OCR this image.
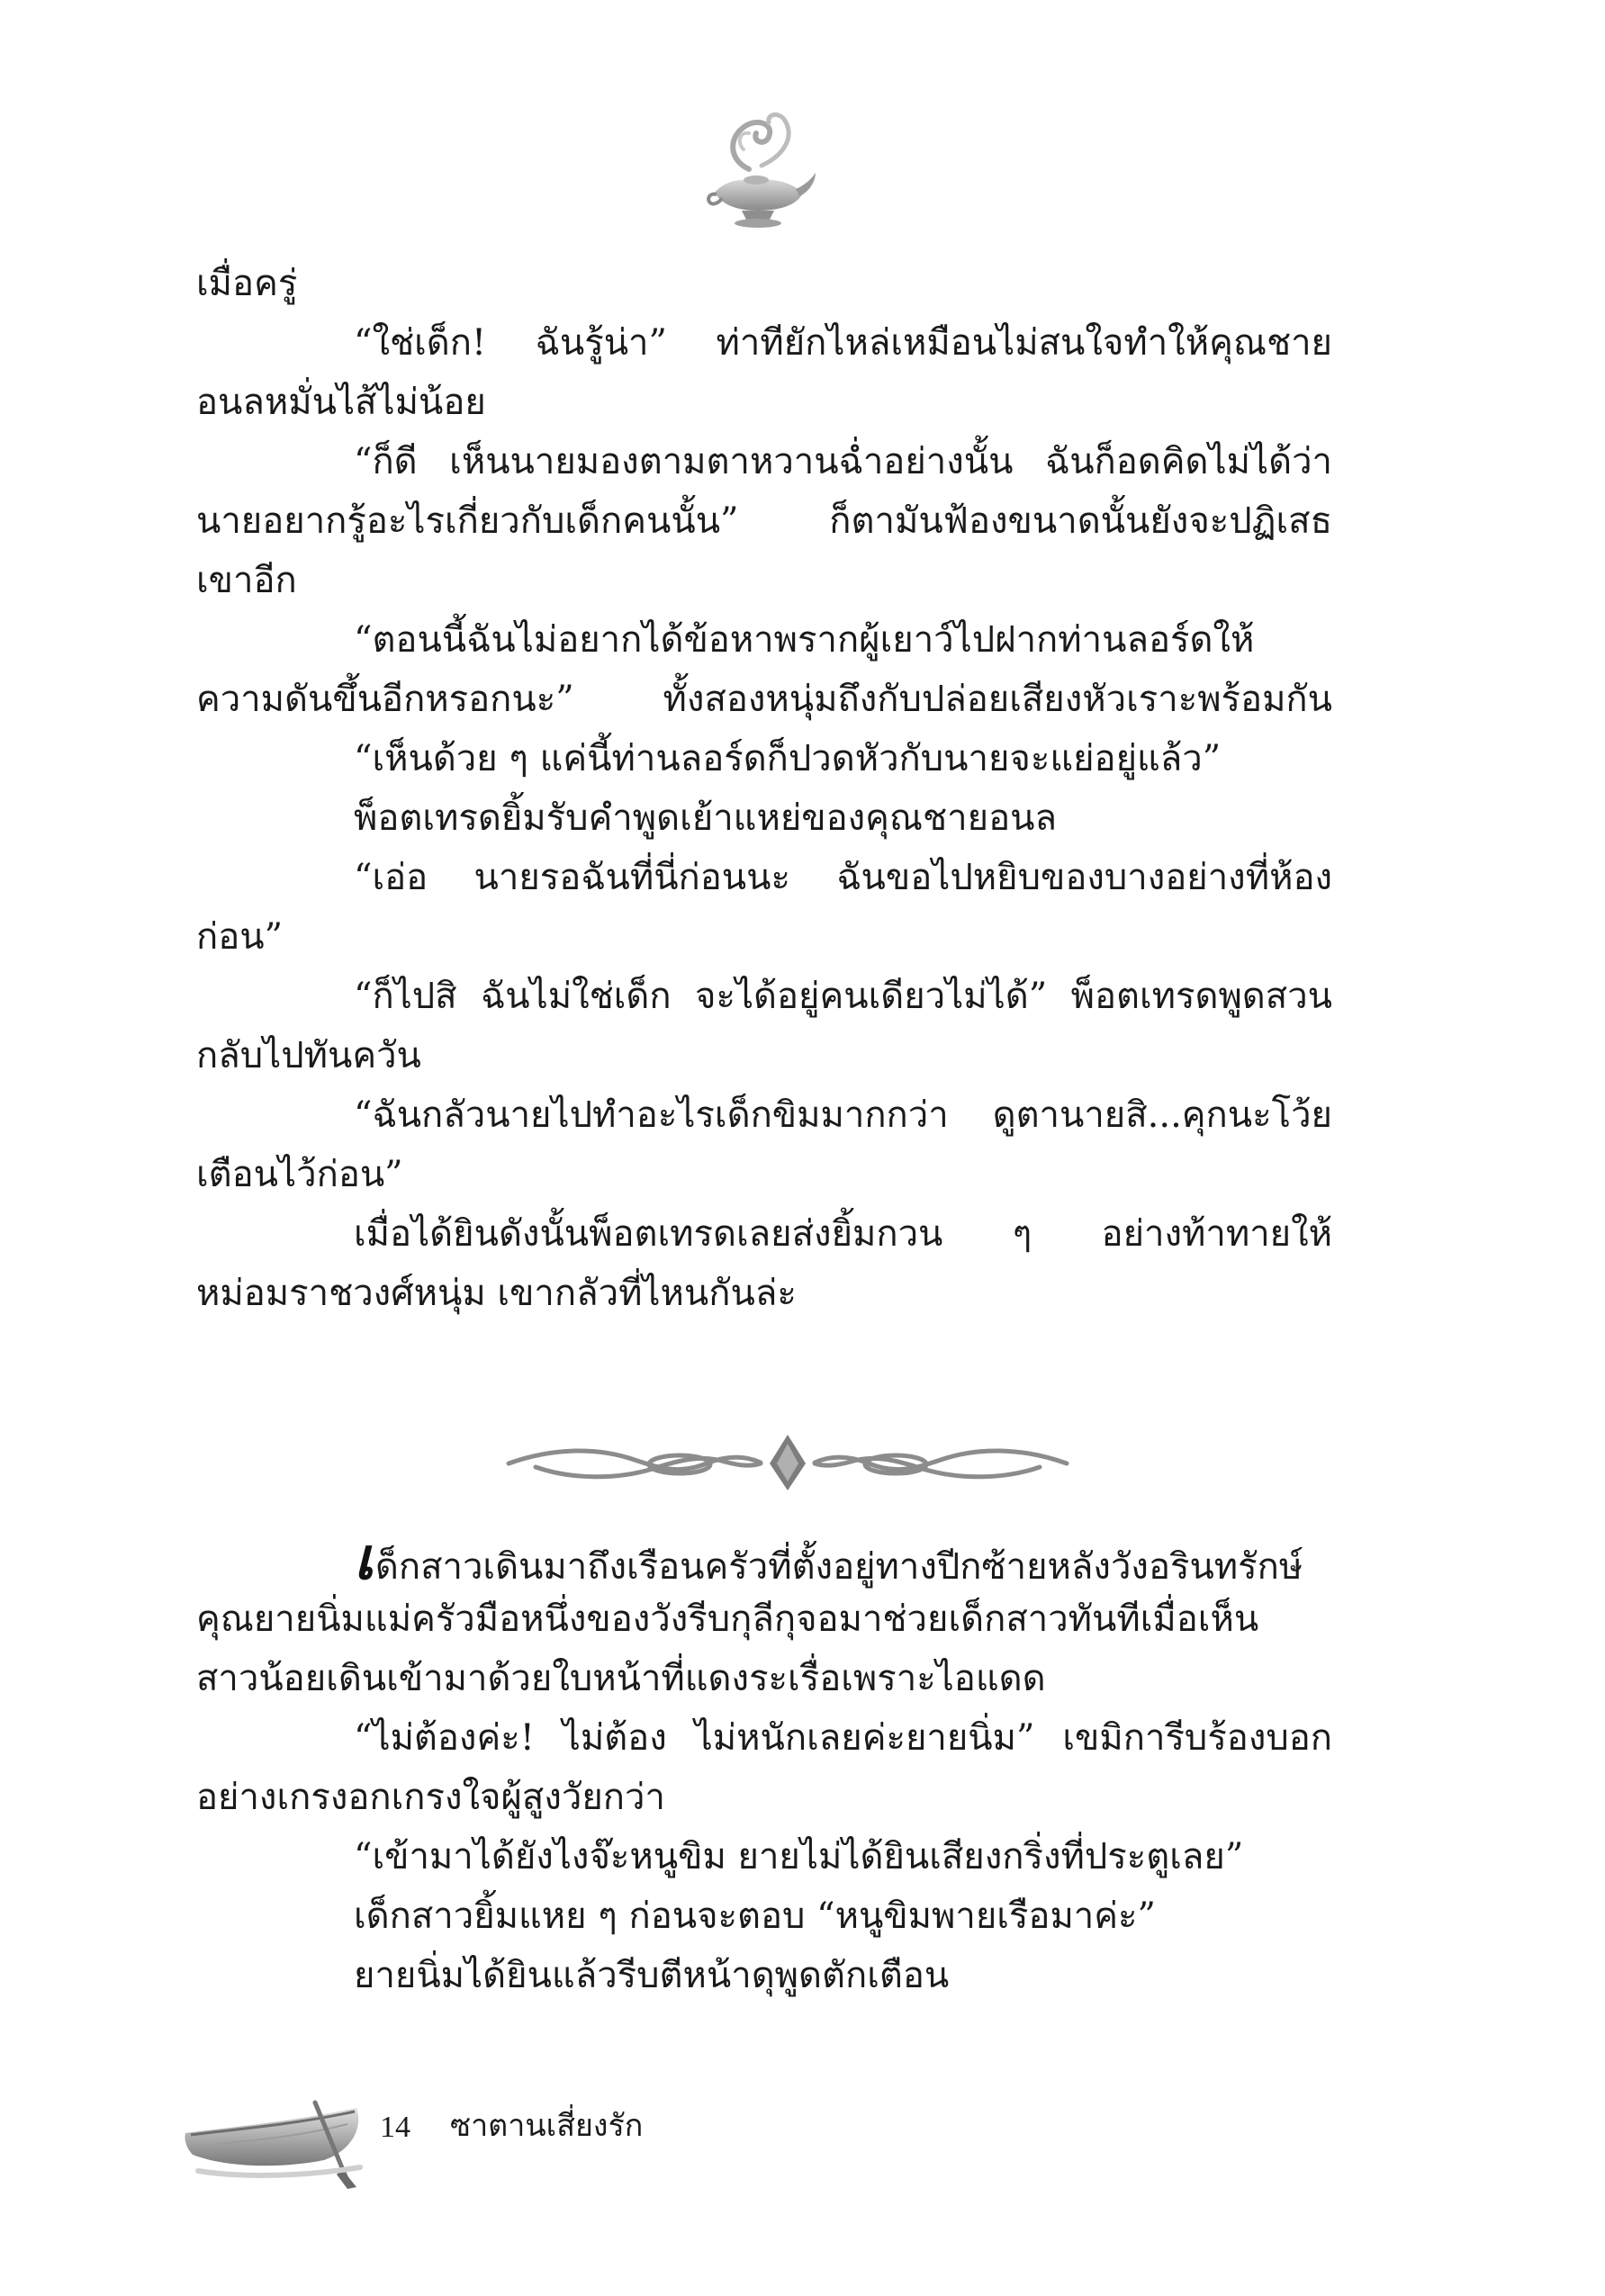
เมื่อครู่
“ใช่เด็ก! ฉันรู้น่า” ท่าทียักไหล่เหมือนไม่สนใจทำให้คุณชาย
อนลหมั่นไส้ไม่น้อย
“ก็ดี เห็นนายมองตามตาหวานฉ่ำอย่างนั้น ฉันก็อดคิดไม่ได้ว่า
นายอยากรู้อะไรเกี่ยวกับเด็กคนนั้น” ก็ตามันฟ้องขนาดนั้นยังจะปฏิเสธ
เขาอีก
“ตอนนี้ฉันไม่อยากได้ข้อหาพรากผู้เยาว์ไปฝากท่านลอร์ดให้
ความดันขึ้นอีกหรอกนะ” ทั้งสองหนุ่มถึงกับปล่อยเสียงหัวเราะพร้อมกัน
“เห็นด้วย ๆ แค่นี้ท่านลอร์ดก็ปวดหัวกับนายจะแย่อยู่แล้ว”
พ็อตเทรดยิ้มรับคำพูดเย้าแหย่ของคุณชายอนล
“เอ่อ นายรอฉันที่นี่ก่อนนะ ฉันขอไปหยิบของบางอย่างที่ห้อง
ก่อน”
“ก็ไปสิ ฉันไม่ใช่เด็ก จะได้อยู่คนเดียวไม่ได้” พ็อตเทรดพูดสวน
กลับไปทันควัน
“ฉันกลัวนายไปทำอะไรเด็กขิมมากกว่า ดูตานายสิ...คุกนะโว้ย
เตือนไว้ก่อน”
เมื่อได้ยินดังนั้นพ็อตเทรดเลยส่งยิ้มกวน ๆ อย่างท้าทายให้
หม่อมราชวงศ์หนุ่ม เขากลัวที่ไหนกันล่ะ
เด็กสาวเดินมาถึงเรือนครัวที่ตั้งอยู่ทางปีกซ้ายหลังวังอรินทรักษ์
คุณยายนิ่มแม่ครัวมือหนึ่งของวังรีบกุลีกุจอมาช่วยเด็กสาวทันทีเมื่อเห็น
สาวน้อยเดินเข้ามาด้วยใบหน้าที่แดงระเรื่อเพราะไอแดด
“ไม่ต้องค่ะ! ไม่ต้อง ไม่หนักเลยค่ะยายนิ่ม” เขมิการีบร้องบอก
อย่างเกรงอกเกรงใจผู้สูงวัยกว่า
“เข้ามาได้ยังไงจ๊ะหนูขิม ยายไม่ได้ยินเสียงกริ่งที่ประตูเลย”
เด็กสาวยิ้มแหย ๆ ก่อนจะตอบ “หนูขิมพายเรือมาค่ะ”
ยายนิ่มได้ยินแล้วรีบตีหน้าดุพูดตักเตือน
14 ซาตานเสี่ยงรัก
